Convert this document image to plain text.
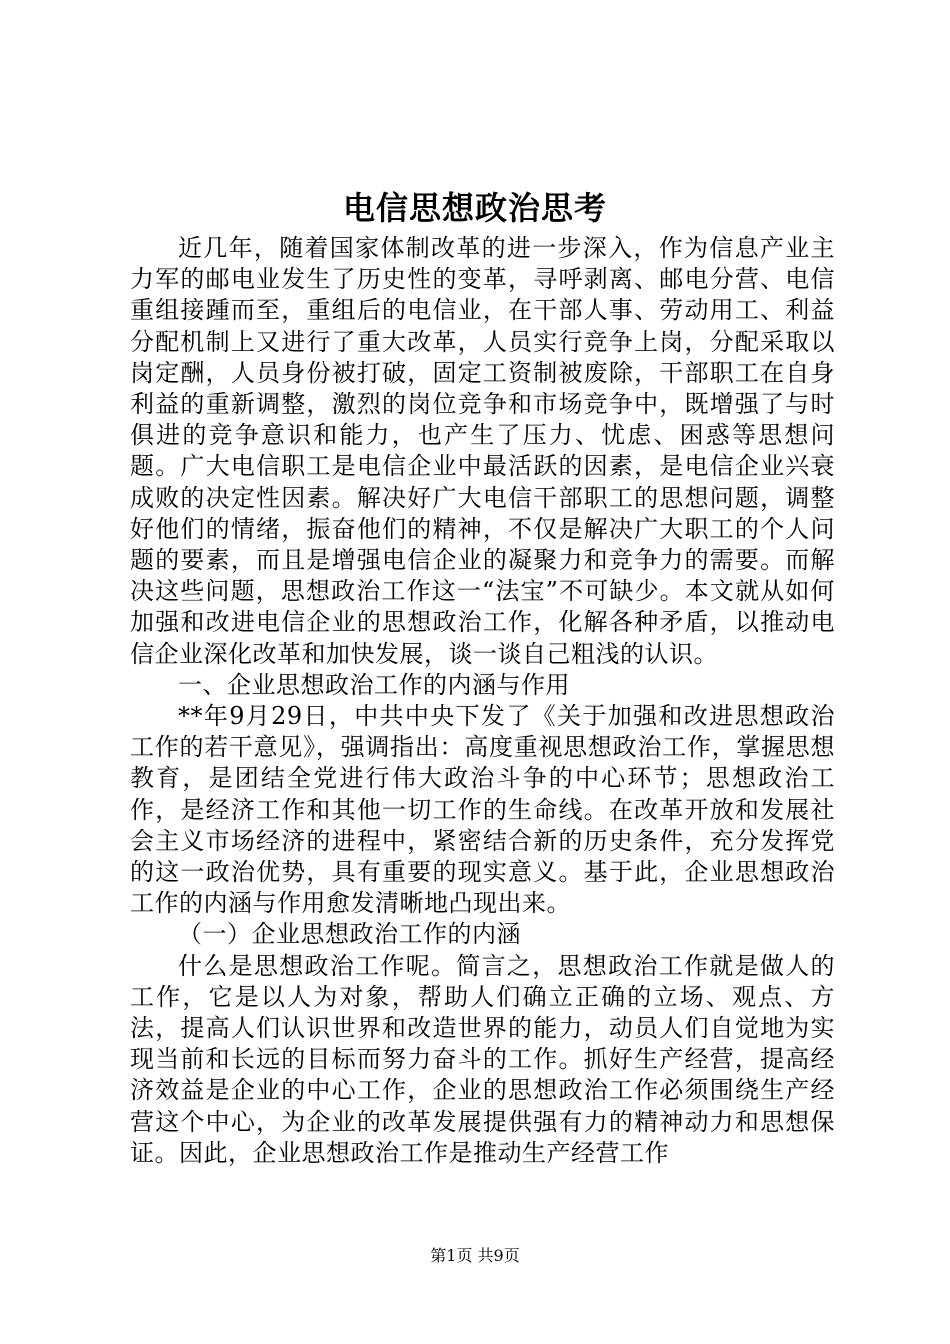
电信思想政治思考

近几年，随着国家体制改革的进一步深入，作为信息产业主力军的邮电业发生了历史性的变革，寻呼剥离、邮电分营、电信重组接踵而至，重组后的电信业，在干部人事、劳动用工、利益分配机制上又进行了重大改革，人员实行竞争上岗，分配采取以岗定酬，人员身份被打破，固定工资制被废除，干部职工在自身利益的重新调整，激烈的岗位竞争和市场竞争中，既增强了与时俱进的竞争意识和能力，也产生了压力、忧虑、困惑等思想问题。广大电信职工是电信企业中最活跃的因素，是电信企业兴衰成败的决定性因素。解决好广大电信干部职工的思想问题，调整好他们的情绪，振奋他们的精神，不仅是解决广大职工的个人问题的要素，而且是增强电信企业的凝聚力和竞争力的需要。而解决这些问题，思想政治工作这一“法宝”不可缺少。本文就从如何加强和改进电信企业的思想政治工作，化解各种矛盾，以推动电信企业深化改革和加快发展，谈一谈自己粗浅的认识。

一、企业思想政治工作的内涵与作用

**年9月29日，中共中央下发了《关于加强和改进思想政治工作的若干意见》，强调指出：高度重视思想政治工作，掌握思想教育，是团结全党进行伟大政治斗争的中心环节；思想政治工作，是经济工作和其他一切工作的生命线。在改革开放和发展社会主义市场经济的进程中，紧密结合新的历史条件，充分发挥党的这一政治优势，具有重要的现实意义。基于此，企业思想政治工作的内涵与作用愈发清晰地凸现出来。

（一）企业思想政治工作的内涵

什么是思想政治工作呢。简言之，思想政治工作就是做人的工作，它是以人为对象，帮助人们确立正确的立场、观点、方法，提高人们认识世界和改造世界的能力，动员人们自觉地为实现当前和长远的目标而努力奋斗的工作。抓好生产经营，提高经济效益是企业的中心工作，企业的思想政治工作必须围绕生产经营这个中心，为企业的改革发展提供强有力的精神动力和思想保证。因此，企业思想政治工作是推动生产经营工作

第1页 共9页
